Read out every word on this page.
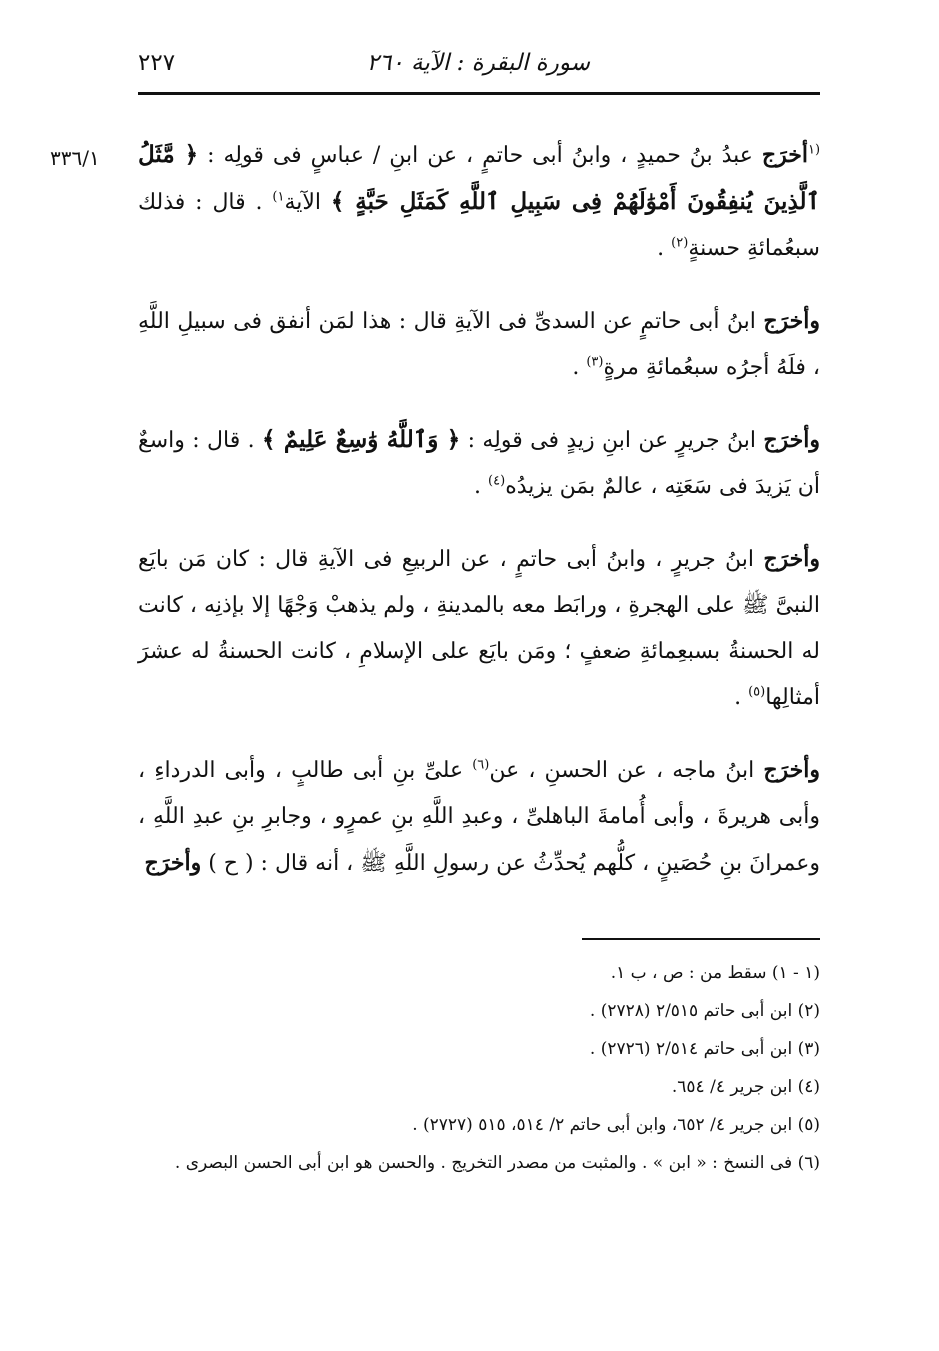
سورة البقرة : الآية ٢٦٠
٢٢٧
٣٣٦/١	$^{(١}$أخرَج عبدُ بنُ حميدٍ ، وابنُ أبى حاتمٍ ، عن ابنِ / عباسٍ فى قولِه : ﴿ مَّثَلُ ٱلَّذِينَ يُنفِقُونَ أَمْوَٰلَهُمْ فِى سَبِيلِ ٱللَّهِ كَمَثَلِ حَبَّةٍ ﴾ الآية$^{١)}$ . قال : فذلك سبعُمائةِ حسنةٍ$^{(٢)}$ .

وأخرَج ابنُ أبى حاتمٍ عن السدىِّ فى الآيةِ قال : هذا لمَن أنفق فى سبيلِ اللَّهِ ، فلَهُ أجرُه سبعُمائةِ مرةٍ$^{(٣)}$ .

وأخرَج ابنُ جريرٍ عن ابنِ زيدٍ فى قولِه : ﴿ وَٱللَّهُ وَٰسِعٌ عَلِيمٌ ﴾ . قال : واسعٌ أن يَزيدَ فى سَعَتِه ، عالمٌ بمَن يزيدُه$^{(٤)}$ .

وأخرَج ابنُ جريرٍ ، وابنُ أبى حاتمٍ ، عن الربيعِ فى الآيةِ قال : كان مَن بايَع النبىَّ ﷺ على الهجرةِ ، ورابَط معه بالمدينةِ ، ولم يذهبْ وَجْهًا إلا بإذنِه ، كانت له الحسنةُ بسبعِمائةِ ضعفٍ ؛ ومَن بايَع على الإسلامِ ، كانت الحسنةُ له عشرَ أمثالِها$^{(٥)}$ .

وأخرَج ابنُ ماجه ، عن الحسنِ ، عن$^{(٦)}$ علىِّ بنِ أبى طالبٍ ، وأبى الدرداءِ ، وأبى هريرةَ ، وأبى أُمامةَ الباهلىِّ ، وعبدِ اللَّهِ بنِ عمرٍو ، وجابرِ بنِ عبدِ اللَّهِ ، وعمرانَ بنِ حُصَينٍ ، كلُّهم يُحدِّثُ عن رسولِ اللَّهِ ﷺ ، أنه قال : ( ح ) وأخرَج

(١ - ١) سقط من : ص ، ب ١.

(٢) ابن أبى حاتم ٢/٥١٥ (٢٧٢٨) .

(٣) ابن أبى حاتم ٢/٥١٤ (٢٧٢٦) .

(٤) ابن جرير ٤/ ٦٥٤.

(٥) ابن جرير ٤/ ٦٥٢، وابن أبى حاتم ٢/ ٥١٤، ٥١٥ (٢٧٢٧) .

(٦) فى النسخ : « ابن » . والمثبت من مصدر التخريج . والحسن هو ابن أبى الحسن البصرى .
